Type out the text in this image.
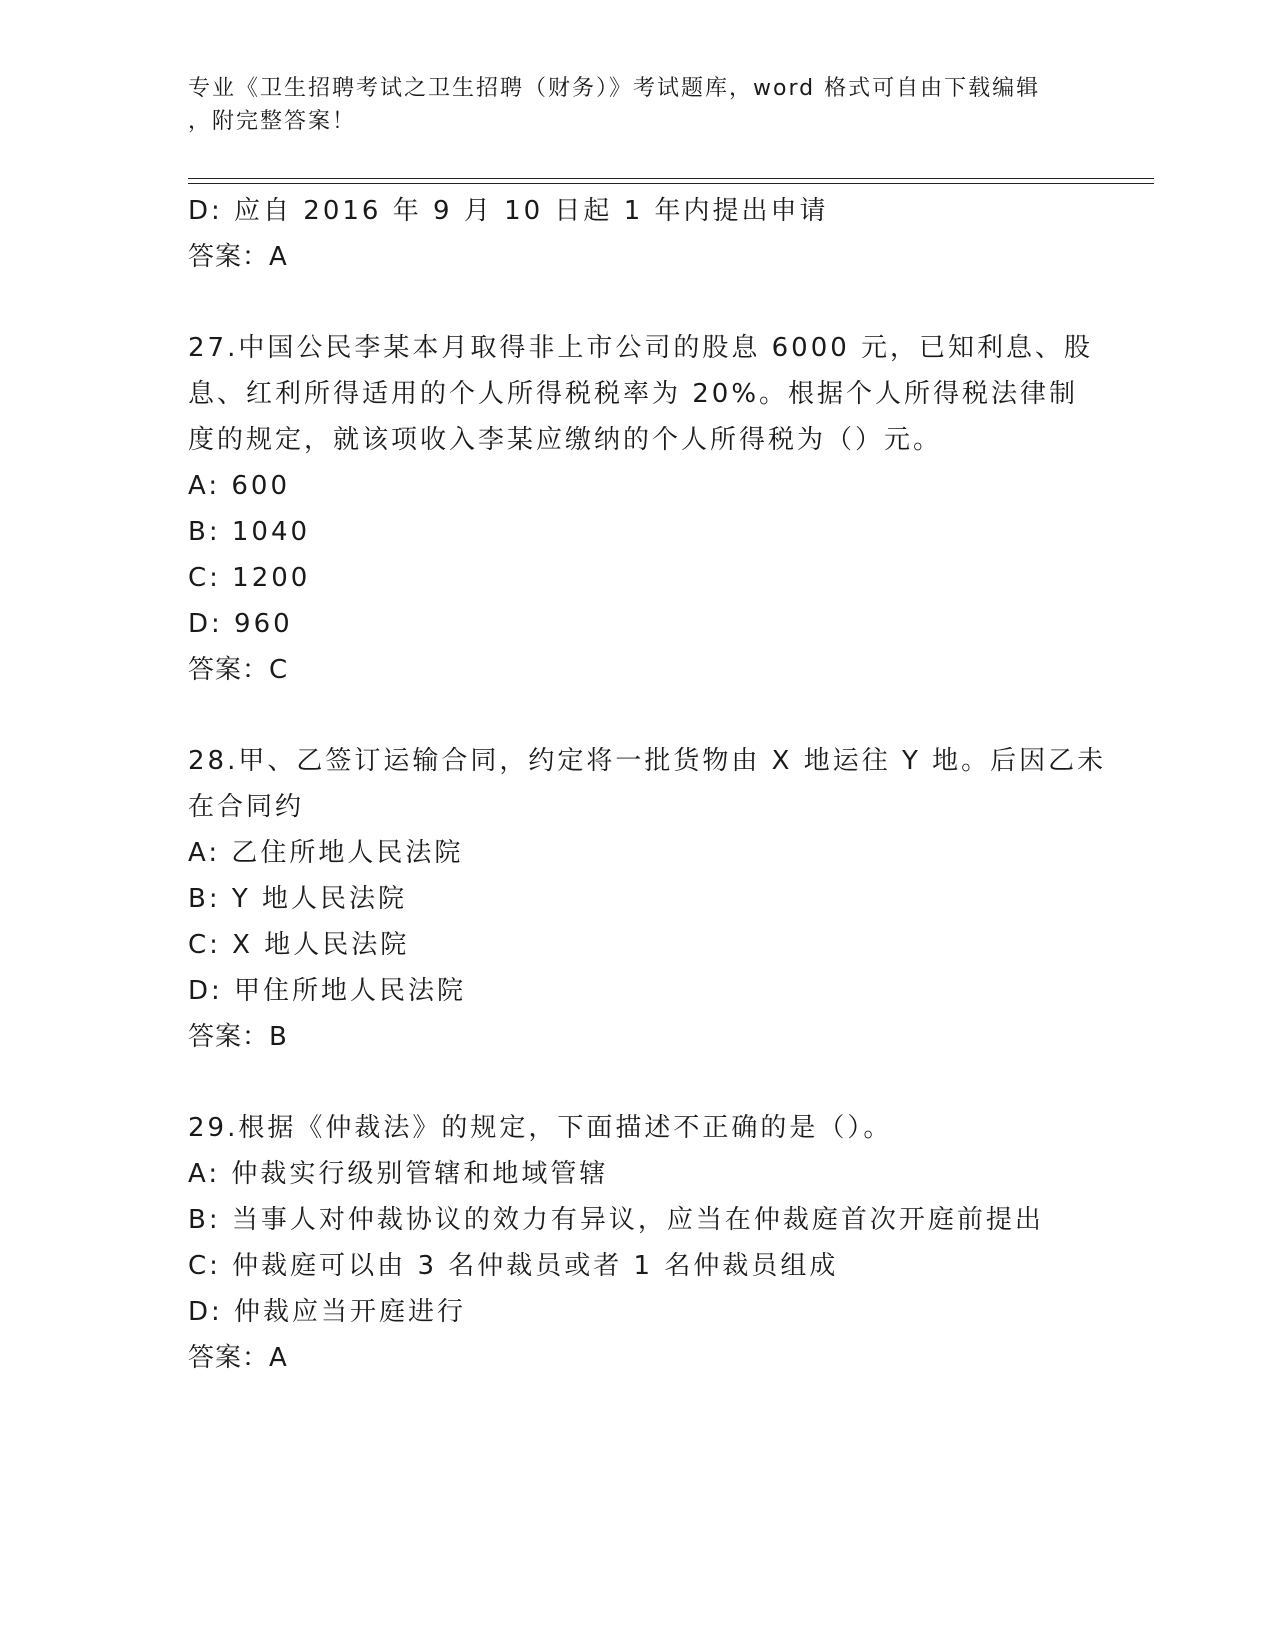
专业《卫生招聘考试之卫生招聘（财务）》考试题库，word 格式可自由下载编辑
，附完整答案！
D: 应自 2016 年 9 月 10 日起 1 年内提出申请
答案：A
27.中国公民李某本月取得非上市公司的股息 6000 元，已知利息、股
息、红利所得适用的个人所得税税率为 20%。根据个人所得税法律制
度的规定，就该项收入李某应缴纳的个人所得税为（）元。
A: 600
B: 1040
C: 1200
D: 960
答案：C
28.甲、乙签订运输合同，约定将一批货物由 X 地运往 Y 地。后因乙未
在合同约
A: 乙住所地人民法院
B: Y 地人民法院
C: X 地人民法院
D: 甲住所地人民法院
答案：B
29.根据《仲裁法》的规定，下面描述不正确的是（）。
A: 仲裁实行级别管辖和地域管辖
B: 当事人对仲裁协议的效力有异议，应当在仲裁庭首次开庭前提出
C: 仲裁庭可以由 3 名仲裁员或者 1 名仲裁员组成
D: 仲裁应当开庭进行
答案：A
